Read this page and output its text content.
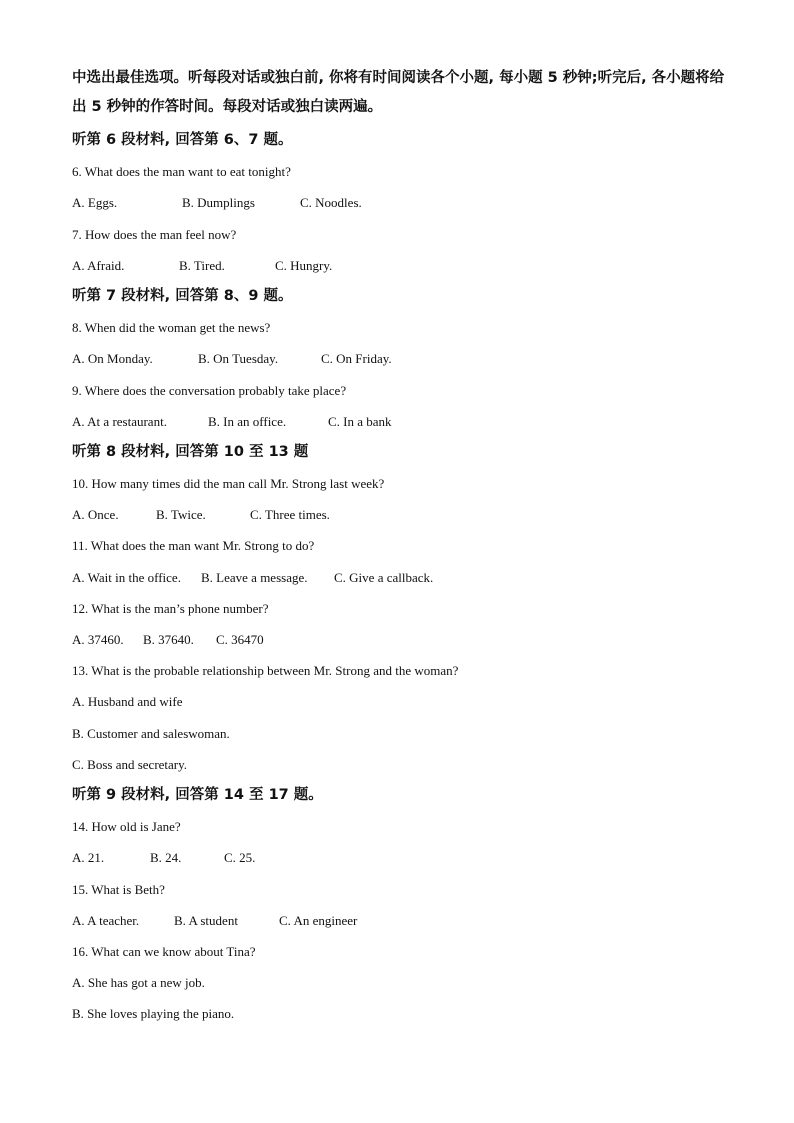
中选出最佳选项。听每段对话或独白前, 你将有时间阅读各个小题, 每小题 5 秒钟;听完后, 各小题将给出 5 秒钟的作答时间。每段对话或独白读两遍。

听第 6 段材料, 回答第 6、7 题。

6. What does the man want to eat tonight?

A. Eggs.	B. Dumplings	C. Noodles.

7. How does the man feel now?

A. Afraid.	B. Tired.	C. Hungry.

听第 7 段材料, 回答第 8、9 题。

8. When did the woman get the news?

A. On Monday.	B. On Tuesday.	C. On Friday.

9. Where does the conversation probably take place?

A. At a restaurant.	B. In an office.	C. In a bank

听第 8 段材料, 回答第 10 至 13 题

10. How many times did the man call Mr. Strong last week?

A. Once.	B. Twice.	C. Three times.

11. What does the man want Mr. Strong to do?

A. Wait in the office. B. Leave a message. C. Give a callback.

12. What is the man’s phone number?

A. 37460. B. 37640. C. 36470

13. What is the probable relationship between Mr. Strong and the woman?

A. Husband and wife

B. Customer and saleswoman.

C. Boss and secretary.

听第 9 段材料, 回答第 14 至 17 题。

14. How old is Jane?

A. 21.	B. 24.	C. 25.

15. What is Beth?

A. A teacher.	B. A student	C. An engineer

16. What can we know about Tina?

A. She has got a new job.

B. She loves playing the piano.
